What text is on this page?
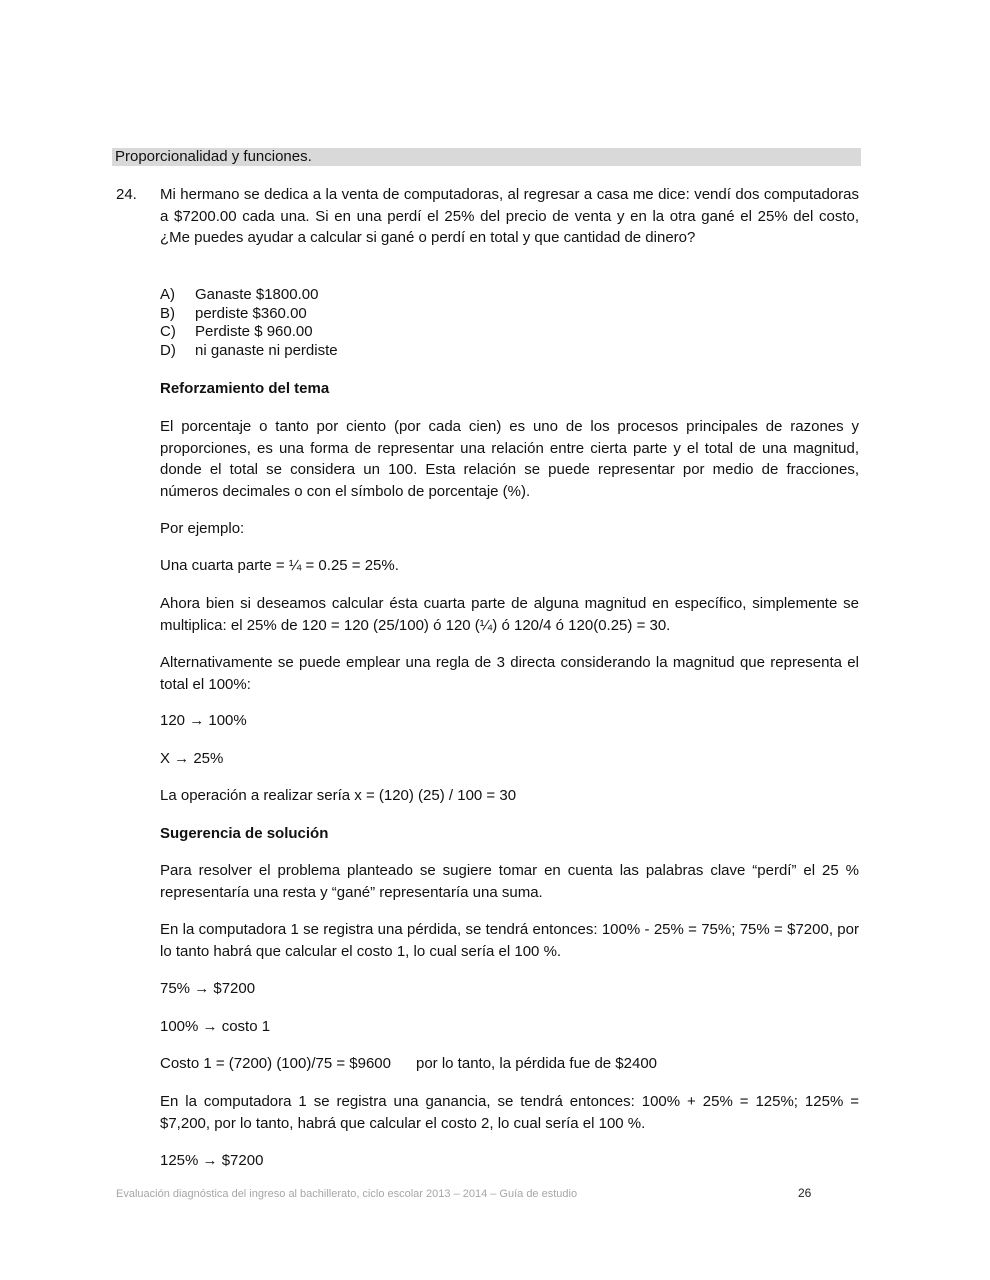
Proporcionalidad y funciones.
24. Mi hermano se dedica a la venta de computadoras, al regresar a casa me dice: vendí dos computadoras a $7200.00 cada una. Si en una perdí el 25% del precio de venta y en la otra gané el 25% del costo, ¿Me puedes ayudar a calcular si gané o perdí en total y que cantidad de dinero?
A) Ganaste $1800.00
B) perdiste $360.00
C) Perdiste $ 960.00
D) ni ganaste ni perdiste
Reforzamiento del tema
El porcentaje o tanto por ciento (por cada cien) es uno de los procesos principales de razones y proporciones, es una forma de representar una relación entre cierta parte y el total de una magnitud, donde el total se considera un 100. Esta relación se puede representar por medio de fracciones, números decimales o con el símbolo de porcentaje (%).
Por ejemplo:
Una cuarta parte = ¼ = 0.25 = 25%.
Ahora bien si deseamos calcular ésta cuarta parte de alguna magnitud en específico, simplemente se multiplica: el 25% de 120 = 120 (25/100) ó 120 (¼) ó 120/4 ó 120(0.25) = 30.
Alternativamente se puede emplear una regla de 3 directa considerando la magnitud que representa el total el 100%:
120 → 100%
X → 25%
La operación a realizar sería x = (120) (25) / 100 = 30
Sugerencia de solución
Para resolver el problema planteado se sugiere tomar en cuenta las palabras clave “perdí” el 25 % representaría una resta y “gané” representaría una suma.
En la computadora 1 se registra una pérdida, se tendrá entonces: 100% - 25% = 75%; 75% = $7200, por lo tanto habrá que calcular el costo 1, lo cual sería el 100 %.
75% → $7200
100% → costo 1
Costo 1 = (7200) (100)/75 = $9600      por lo tanto, la pérdida fue de $2400
En la computadora 1 se registra una ganancia, se tendrá entonces: 100% + 25% = 125%; 125% = $7,200, por lo tanto, habrá que calcular el costo 2, lo cual sería el 100 %.
125% → $7200
Evaluación diagnóstica del ingreso al bachillerato, ciclo escolar 2013 – 2014 – Guía de estudio	26
